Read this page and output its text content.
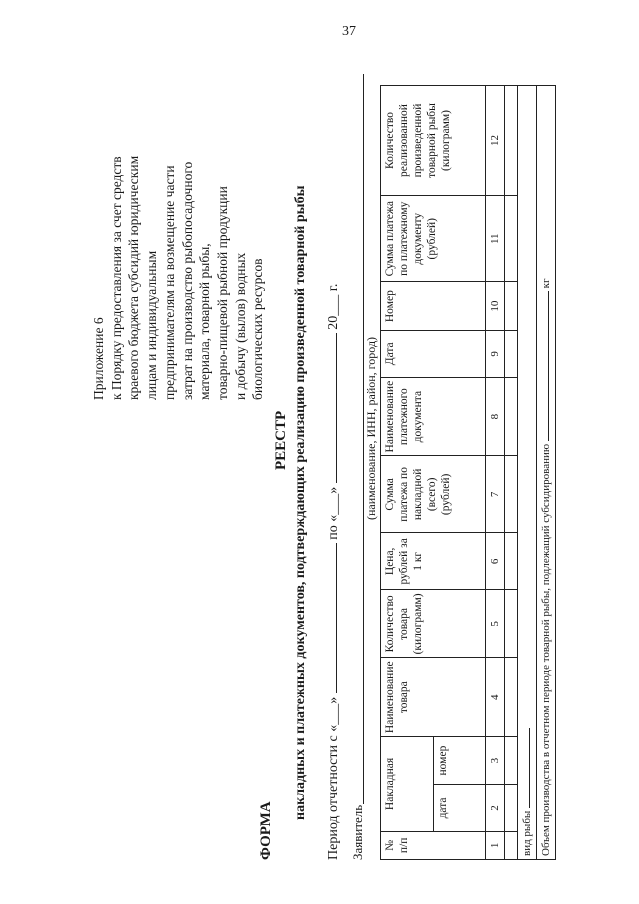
37
Приложение 6 к Порядку предоставления за счет средств краевого бюджета субсидий юридическим лицам и индивидуальным предпринимателям на возмещение части затрат на производство рыбопосадочного материала, товарной рыбы, товарно-пищевой рыбной продукции и добычу (вылов) водных биологических ресурсов
ФОРМА
РЕЕСТР накладных и платежных документов, подтверждающих реализацию произведенной товарной рыбы Период отчетности с «___»  по «___»  20___ г.
Заявитель
(наименование, ИНН, район, город)
№ п/п	Накладная		Наименование товара	Количество товара (килограмм)	Цена, рублей за 1 кг	Сумма платежа по накладной (всего) (рублей)	Наименование платежного документа	Дата	Номер	Сумма платежа по платежному документу (рублей)	Количество реализованной произведенной товарной рыбы (килограмм)
	дата	номер									
1	2	3	4	5	6	7	8	9	10	11	12

вид рыбы											
Объем производства в отчетном периоде товарной рыбы, подлежащий субсидированию  кг											
